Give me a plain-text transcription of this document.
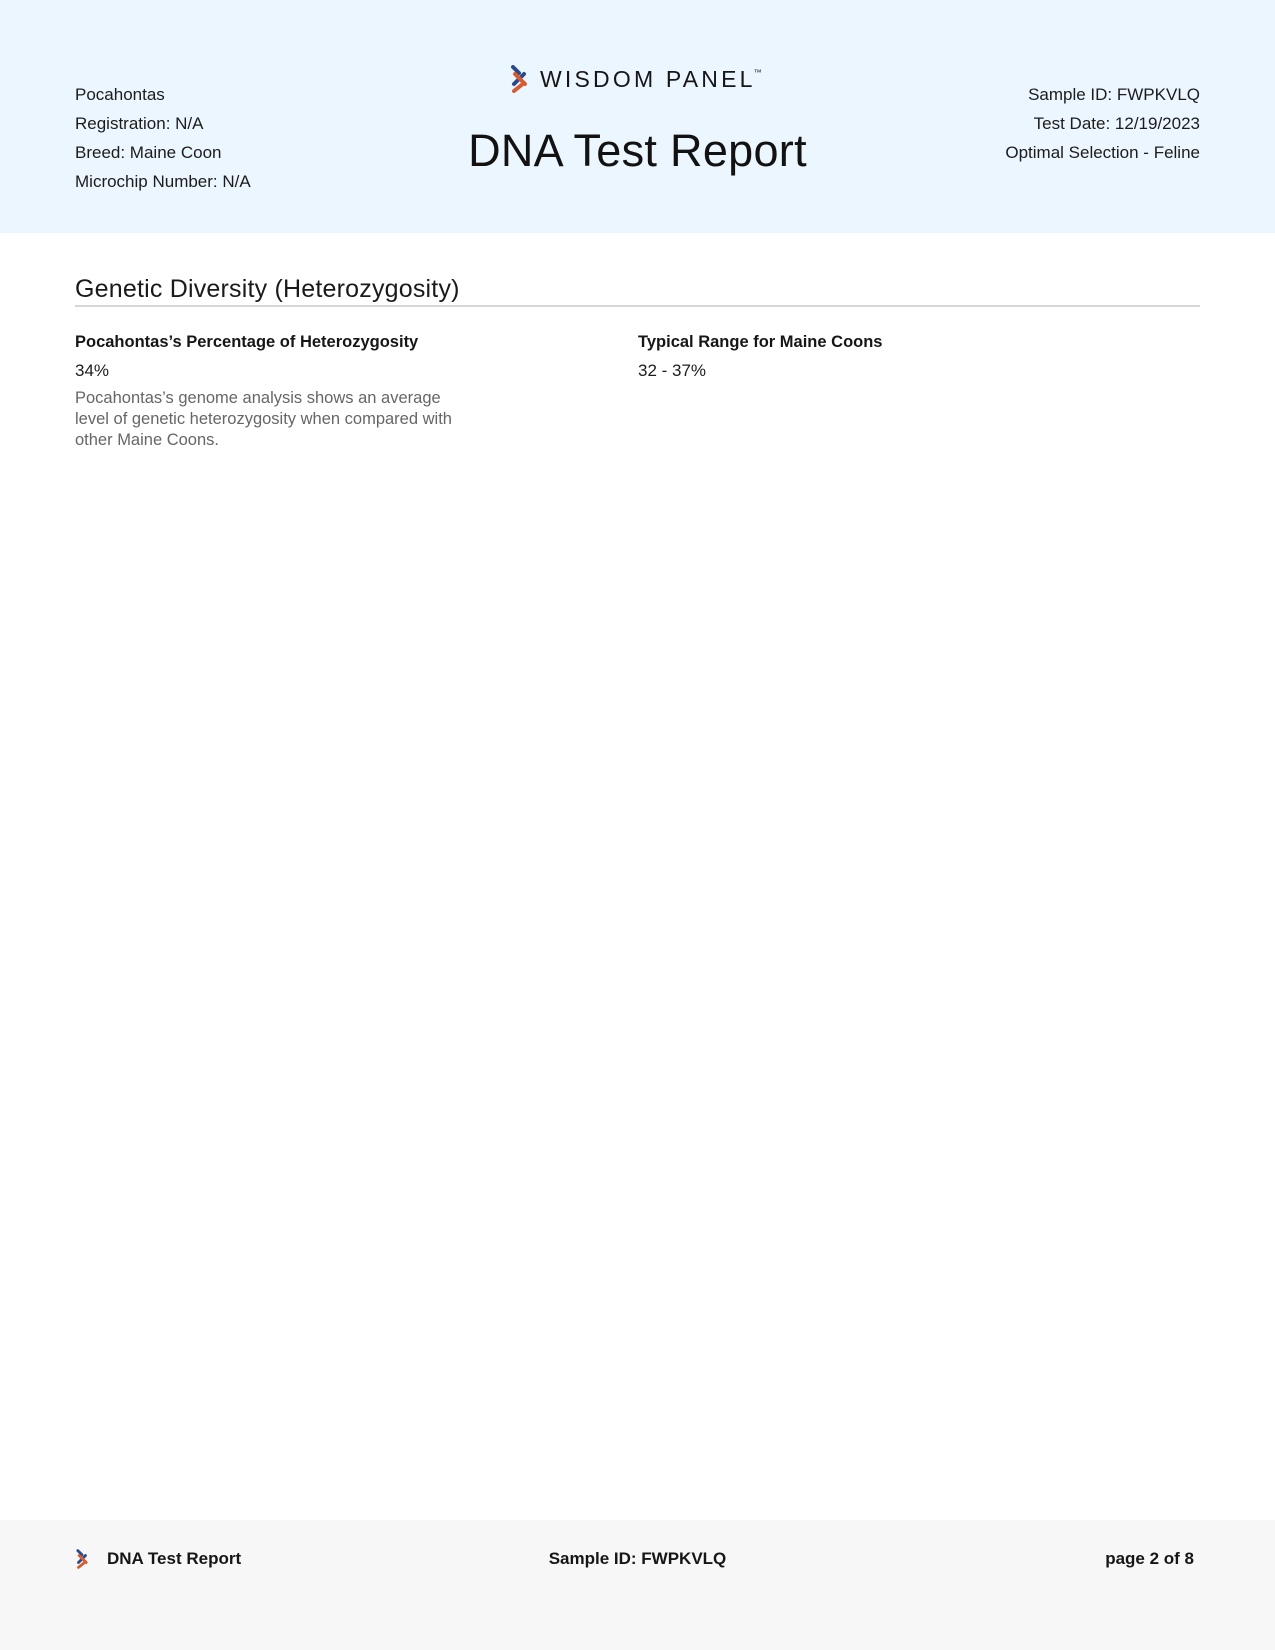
Pocahontas
Registration: N/A
Breed: Maine Coon
Microchip Number: N/A
WISDOM PANEL™
DNA Test Report
Sample ID: FWPKVLQ
Test Date: 12/19/2023
Optimal Selection - Feline
Genetic Diversity (Heterozygosity)
Pocahontas’s Percentage of Heterozygosity
34%
Pocahontas’s genome analysis shows an average level of genetic heterozygosity when compared with other Maine Coons.
Typical Range for Maine Coons
32 - 37%
DNA Test Report	Sample ID: FWPKVLQ	page 2 of 8
